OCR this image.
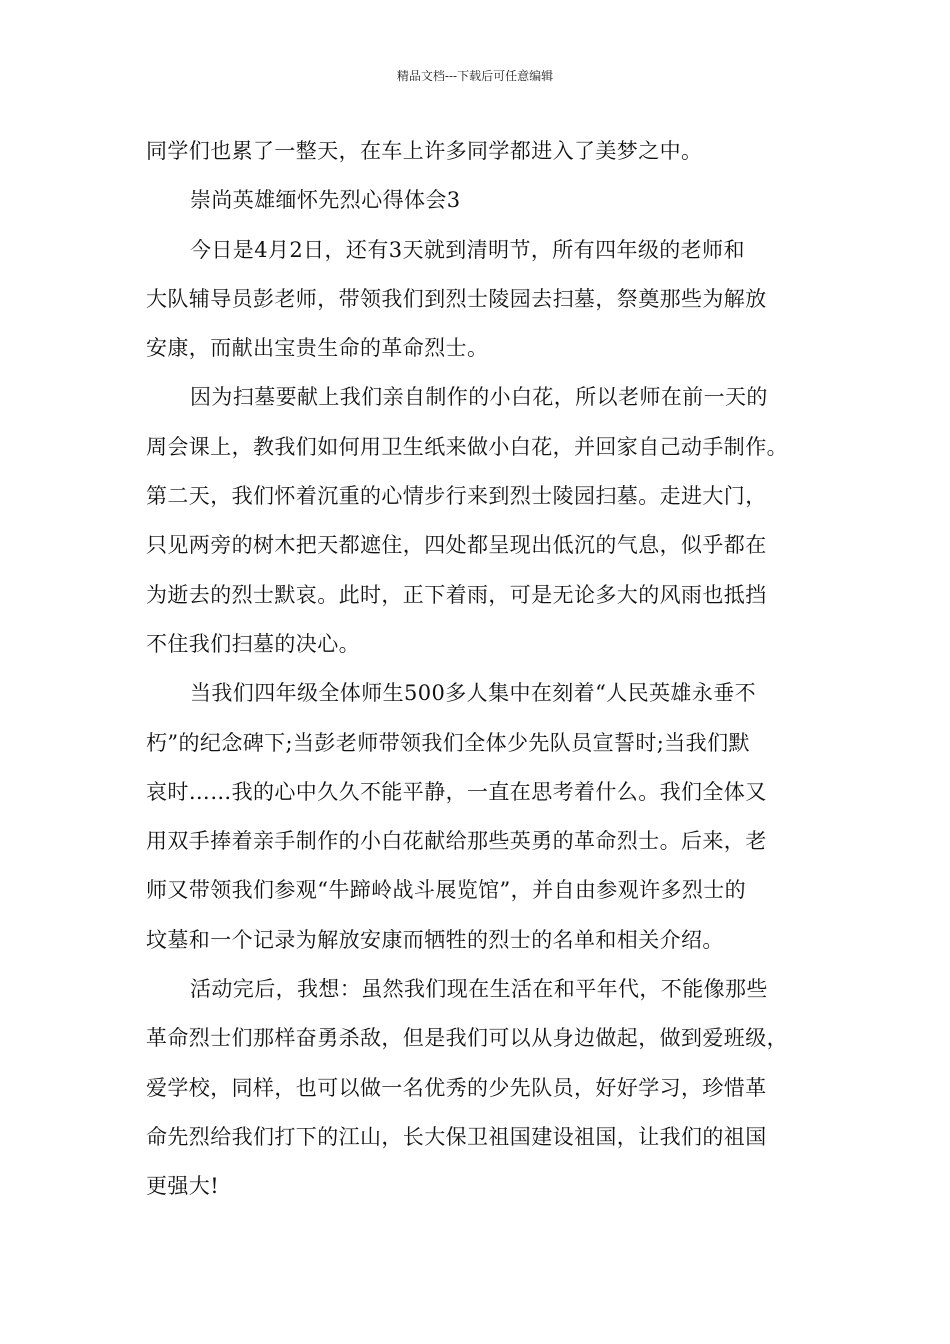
精品文档---下载后可任意编辑
同学们也累了一整天，在车上许多同学都进入了美梦之中。
崇尚英雄缅怀先烈心得体会3
今日是4月2日，还有3天就到清明节，所有四年级的老师和
大队辅导员彭老师，带领我们到烈士陵园去扫墓，祭奠那些为解放
安康，而献出宝贵生命的革命烈士。
因为扫墓要献上我们亲自制作的小白花，所以老师在前一天的
周会课上，教我们如何用卫生纸来做小白花，并回家自己动手制作。
第二天，我们怀着沉重的心情步行来到烈士陵园扫墓。走进大门，
只见两旁的树木把天都遮住，四处都呈现出低沉的气息，似乎都在
为逝去的烈士默哀。此时，正下着雨，可是无论多大的风雨也抵挡
不住我们扫墓的决心。
当我们四年级全体师生500多人集中在刻着“人民英雄永垂不
朽”的纪念碑下;当彭老师带领我们全体少先队员宣誓时;当我们默
哀时……我的心中久久不能平静，一直在思考着什么。我们全体又
用双手捧着亲手制作的小白花献给那些英勇的革命烈士。后来，老
师又带领我们参观“牛蹄岭战斗展览馆”，并自由参观许多烈士的
坟墓和一个记录为解放安康而牺牲的烈士的名单和相关介绍。
活动完后，我想：虽然我们现在生活在和平年代，不能像那些
革命烈士们那样奋勇杀敌，但是我们可以从身边做起，做到爱班级，
爱学校，同样，也可以做一名优秀的少先队员，好好学习，珍惜革
命先烈给我们打下的江山，长大保卫祖国建设祖国，让我们的祖国
更强大!
